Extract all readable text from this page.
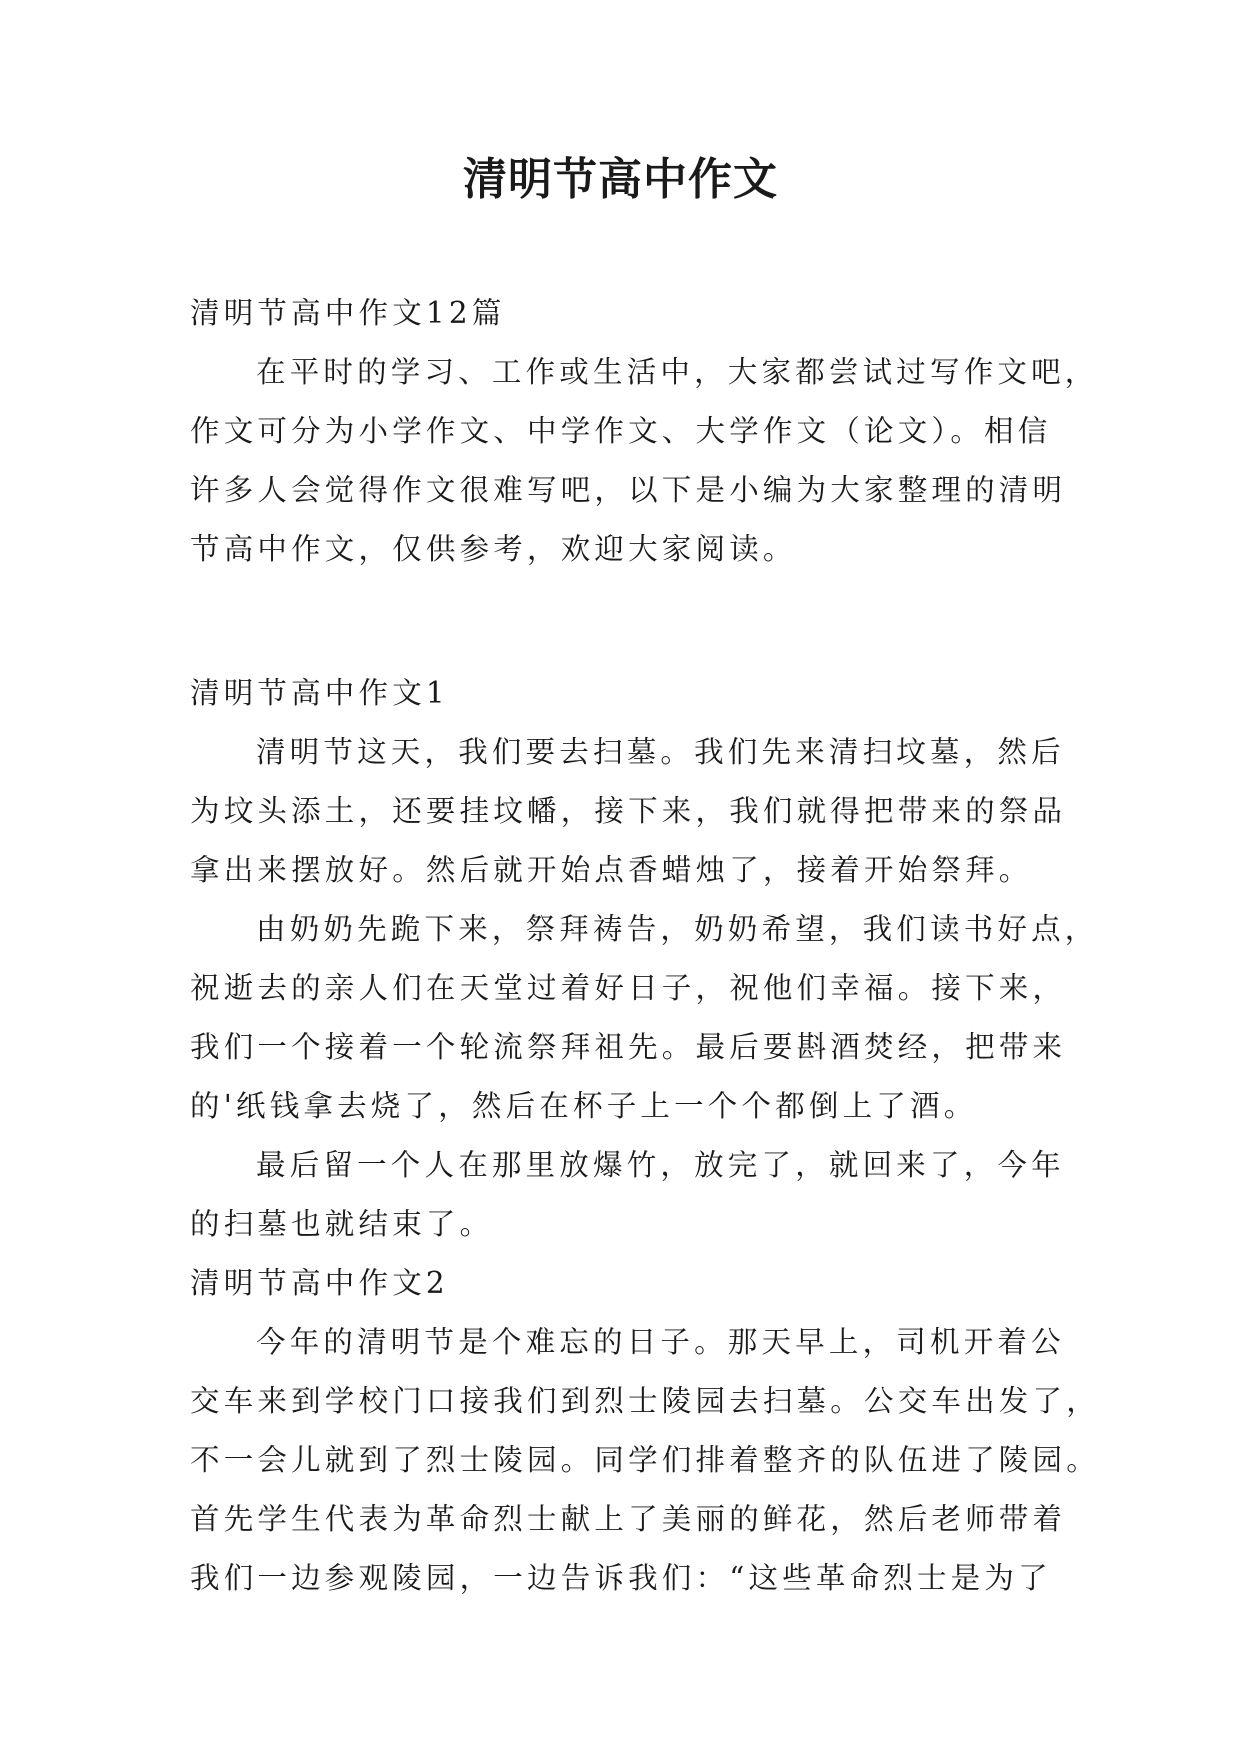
清明节高中作文

清明节高中作文12篇

在平时的学习、工作或生活中，大家都尝试过写作文吧，

作文可分为小学作文、中学作文、大学作文（论文）。相信

许多人会觉得作文很难写吧，以下是小编为大家整理的清明

节高中作文，仅供参考，欢迎大家阅读。

清明节高中作文1

清明节这天，我们要去扫墓。我们先来清扫坟墓，然后

为坟头添土，还要挂坟幡，接下来，我们就得把带来的祭品

拿出来摆放好。然后就开始点香蜡烛了，接着开始祭拜。

由奶奶先跪下来，祭拜祷告，奶奶希望，我们读书好点，

祝逝去的亲人们在天堂过着好日子，祝他们幸福。接下来，

我们一个接着一个轮流祭拜祖先。最后要斟酒焚经，把带来

的'纸钱拿去烧了，然后在杯子上一个个都倒上了酒。

最后留一个人在那里放爆竹，放完了，就回来了，今年

的扫墓也就结束了。

清明节高中作文2

今年的清明节是个难忘的日子。那天早上，司机开着公

交车来到学校门口接我们到烈士陵园去扫墓。公交车出发了，

不一会儿就到了烈士陵园。同学们排着整齐的队伍进了陵园。

首先学生代表为革命烈士献上了美丽的鲜花，然后老师带着

我们一边参观陵园，一边告诉我们：“这些革命烈士是为了
